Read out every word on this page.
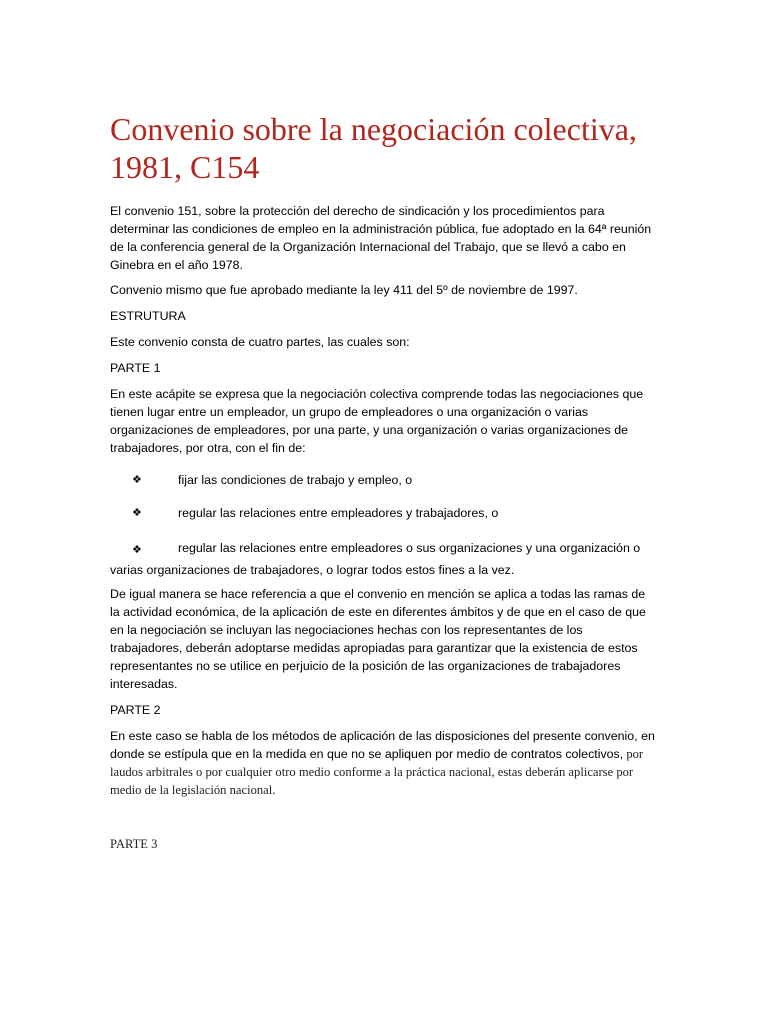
Convenio sobre la negociación colectiva, 1981, C154

El convenio 151, sobre la protección del derecho de sindicación y los procedimientos para determinar las condiciones de empleo en la administración pública, fue adoptado en la 64ª reunión de la conferencia general de la Organización Internacional del Trabajo, que se llevó a cabo en Ginebra en el año 1978.

Convenio mismo que fue aprobado mediante la ley 411 del 5º de noviembre de 1997.

ESTRUTURA

Este convenio consta de cuatro partes, las cuales son:

PARTE 1

En este acápite se expresa que la negociación colectiva comprende todas las negociaciones que tienen lugar entre un empleador, un grupo de empleadores o una organización o varias organizaciones de empleadores, por una parte, y una organización o varias organizaciones de trabajadores, por otra, con el fin de:

❖	fijar las condiciones de trabajo y empleo, o
❖	regular las relaciones entre empleadores y trabajadores, o
❖	regular las relaciones entre empleadores o sus organizaciones y una organización o varias organizaciones de trabajadores, o lograr todos estos fines a la vez.

De igual manera se hace referencia a que el convenio en mención se aplica a todas las ramas de la actividad económica, de la aplicación de este en diferentes ámbitos y de que en el caso de que en la negociación se incluyan las negociaciones hechas con los representantes de los trabajadores, deberán adoptarse medidas apropiadas para garantizar que la existencia de estos representantes no se utilice en perjuicio de la posición de las organizaciones de trabajadores interesadas.

PARTE 2

En este caso se habla de los métodos de aplicación de las disposiciones del presente convenio, en donde se estípula que en la medida en que no se apliquen por medio de contratos colectivos, por laudos arbitrales o por cualquier otro medio conforme a la práctica nacional, estas deberán aplicarse por medio de la legislación nacional.

PARTE 3
